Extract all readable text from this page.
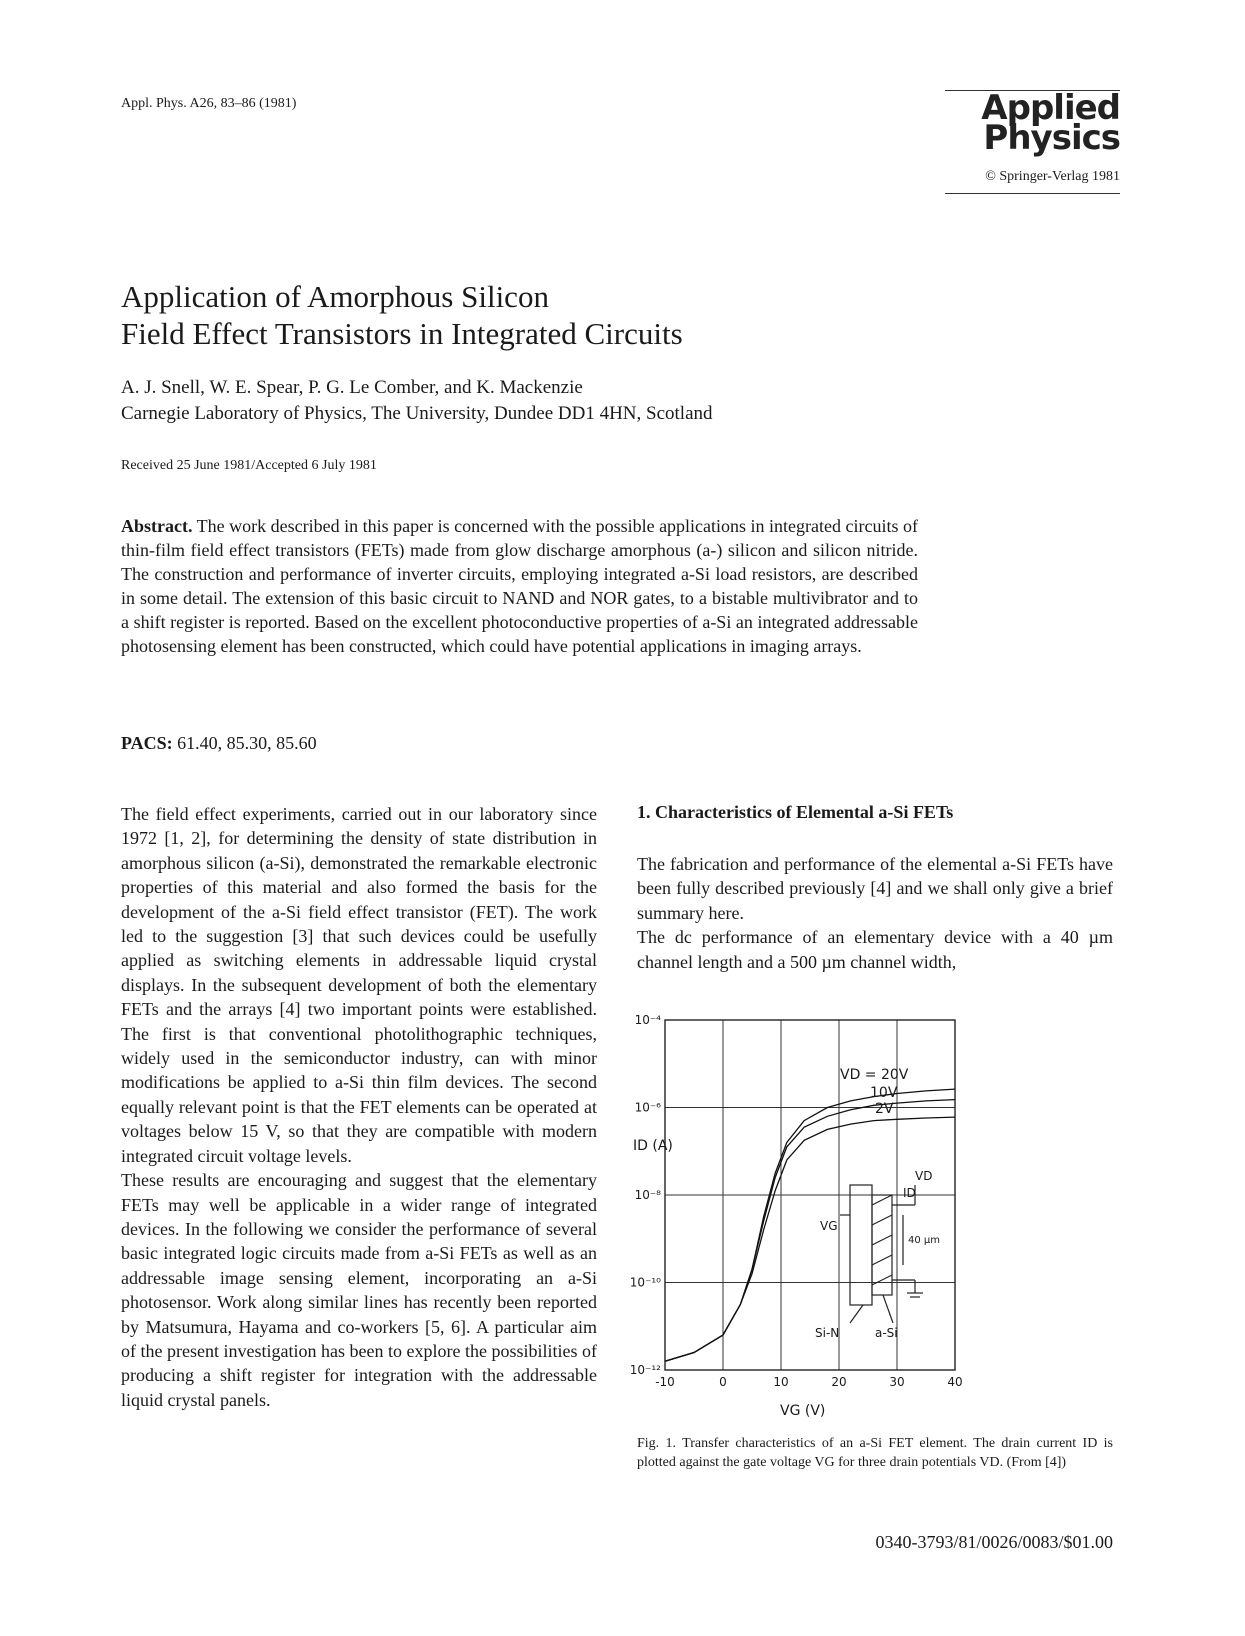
Appl. Phys. A26, 83–86 (1981)	Applied
Physics
© Springer-Verlag 1981
Application of Amorphous Silicon
Field Effect Transistors in Integrated Circuits
A. J. Snell, W. E. Spear, P. G. Le Comber, and K. Mackenzie
Carnegie Laboratory of Physics, The University, Dundee DD1 4HN, Scotland
Received 25 June 1981/Accepted 6 July 1981
Abstract. The work described in this paper is concerned with the possible applications in integrated circuits of thin-film field effect transistors (FETs) made from glow discharge amorphous (a-) silicon and silicon nitride. The construction and performance of inverter circuits, employing integrated a-Si load resistors, are described in some detail. The extension of this basic circuit to NAND and NOR gates, to a bistable multivibrator and to a shift register is reported. Based on the excellent photoconductive properties of a-Si an integrated addressable photosensing element has been constructed, which could have potential applications in imaging arrays.
PACS: 61.40, 85.30, 85.60

The field effect experiments, carried out in our laboratory since 1972 [1, 2], for determining the density of state distribution in amorphous silicon (a-Si), demonstrated the remarkable electronic properties of this material and also formed the basis for the development of the a-Si field effect transistor (FET). The work led to the suggestion [3] that such devices could be usefully applied as switching elements in addressable liquid crystal displays. In the subsequent development of both the elementary FETs and the arrays [4] two important points were established. The first is that conventional photolithographic techniques, widely used in the semiconductor industry, can with minor modifications be applied to a-Si thin film devices. The second equally relevant point is that the FET elements can be operated at voltages below 15 V, so that they are compatible with modern integrated circuit voltage levels.

These results are encouraging and suggest that the elementary FETs may well be applicable in a wider range of integrated devices. In the following we consider the performance of several basic integrated logic circuits made from a-Si FETs as well as an addressable image sensing element, incorporating an a-Si photosensor. Work along similar lines has recently been reported by Matsumura, Hayama and co-workers [5, 6]. A particular aim of the present investigation has been to explore the possibilities of producing a shift register for integration with the addressable liquid crystal panels.

1. Characteristics of Elemental a-Si FETs

The fabrication and performance of the elemental a-Si FETs have been fully described previously [4] and we shall only give a brief summary here.

The dc performance of an elementary device with a 40 µm channel length and a 500 µm channel width,

10⁻⁴
10⁻⁶
10⁻⁸
10⁻¹⁰
10⁻¹²
-10	0	10	20	30	40
VD = 20V
10V
2V
ID (A)
VG (V)
VD
ID
VG
40 µm
Si-N	a-Si
Fig. 1. Transfer characteristics of an a-Si FET element. The drain current ID is plotted against the gate voltage VG for three drain potentials VD. (From [4])
0340-3793/81/0026/0083/$01.00
